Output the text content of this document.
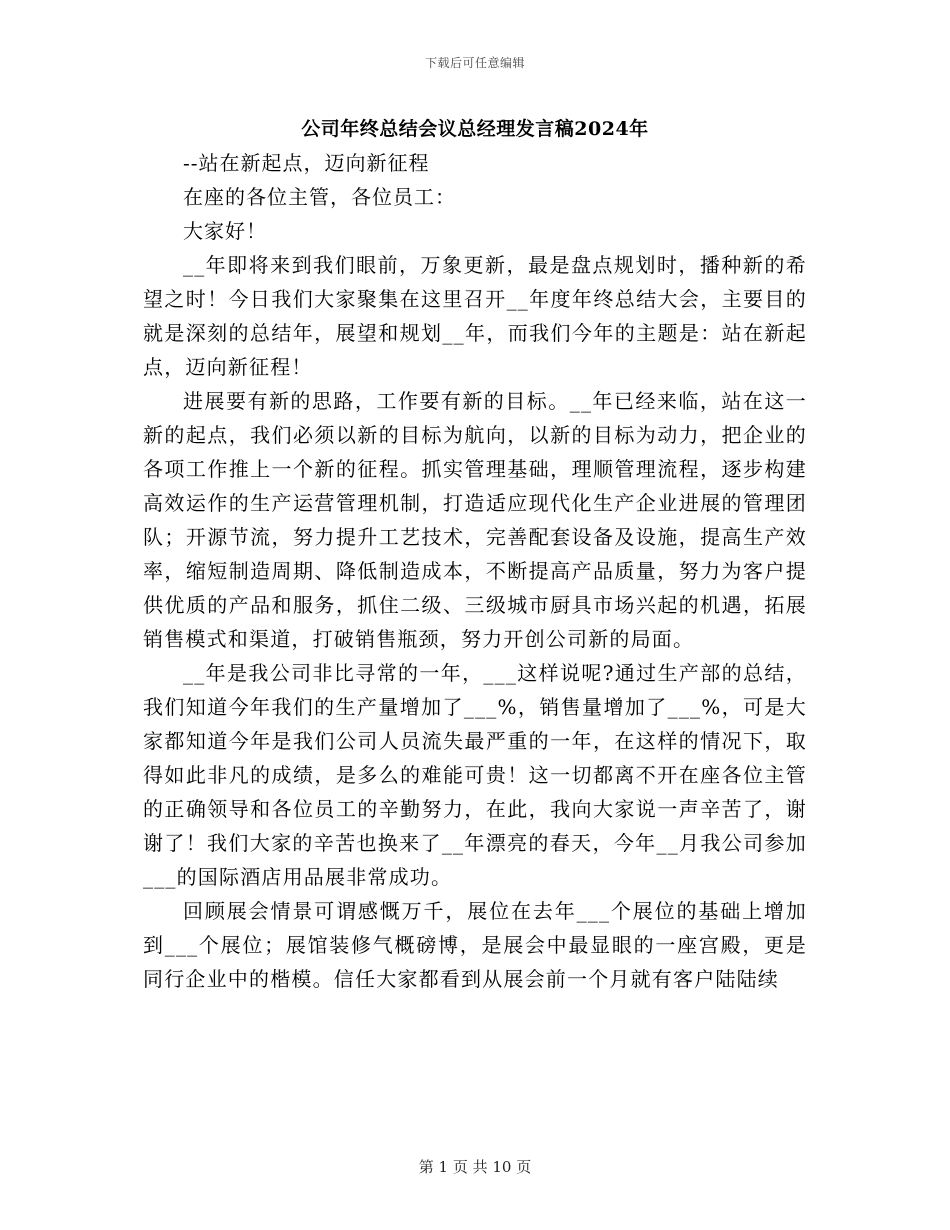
下载后可任意编辑
公司年终总结会议总经理发言稿2024年

--站在新起点，迈向新征程

在座的各位主管，各位员工：

大家好！

__年即将来到我们眼前，万象更新，最是盘点规划时，播种新的希望之时！今日我们大家聚集在这里召开__年度年终总结大会，主要目的就是深刻的总结年，展望和规划__年，而我们今年的主题是：站在新起点，迈向新征程！

进展要有新的思路，工作要有新的目标。__年已经来临，站在这一新的起点，我们必须以新的目标为航向，以新的目标为动力，把企业的各项工作推上一个新的征程。抓实管理基础，理顺管理流程，逐步构建高效运作的生产运营管理机制，打造适应现代化生产企业进展的管理团队；开源节流，努力提升工艺技术，完善配套设备及设施，提高生产效率，缩短制造周期、降低制造成本，不断提高产品质量，努力为客户提供优质的产品和服务，抓住二级、三级城市厨具市场兴起的机遇，拓展销售模式和渠道，打破销售瓶颈，努力开创公司新的局面。

__年是我公司非比寻常的一年，___这样说呢?通过生产部的总结，我们知道今年我们的生产量增加了___%，销售量增加了___%，可是大家都知道今年是我们公司人员流失最严重的一年，在这样的情况下，取得如此非凡的成绩，是多么的难能可贵！这一切都离不开在座各位主管的正确领导和各位员工的辛勤努力，在此，我向大家说一声辛苦了，谢谢了！我们大家的辛苦也换来了__年漂亮的春天，今年__月我公司参加___的国际酒店用品展非常成功。

回顾展会情景可谓感慨万千，展位在去年___个展位的基础上增加到___个展位；展馆装修气概磅博，是展会中最显眼的一座宫殿，更是同行企业中的楷模。信任大家都看到从展会前一个月就有客户陆陆续

第 1 页 共 10 页
